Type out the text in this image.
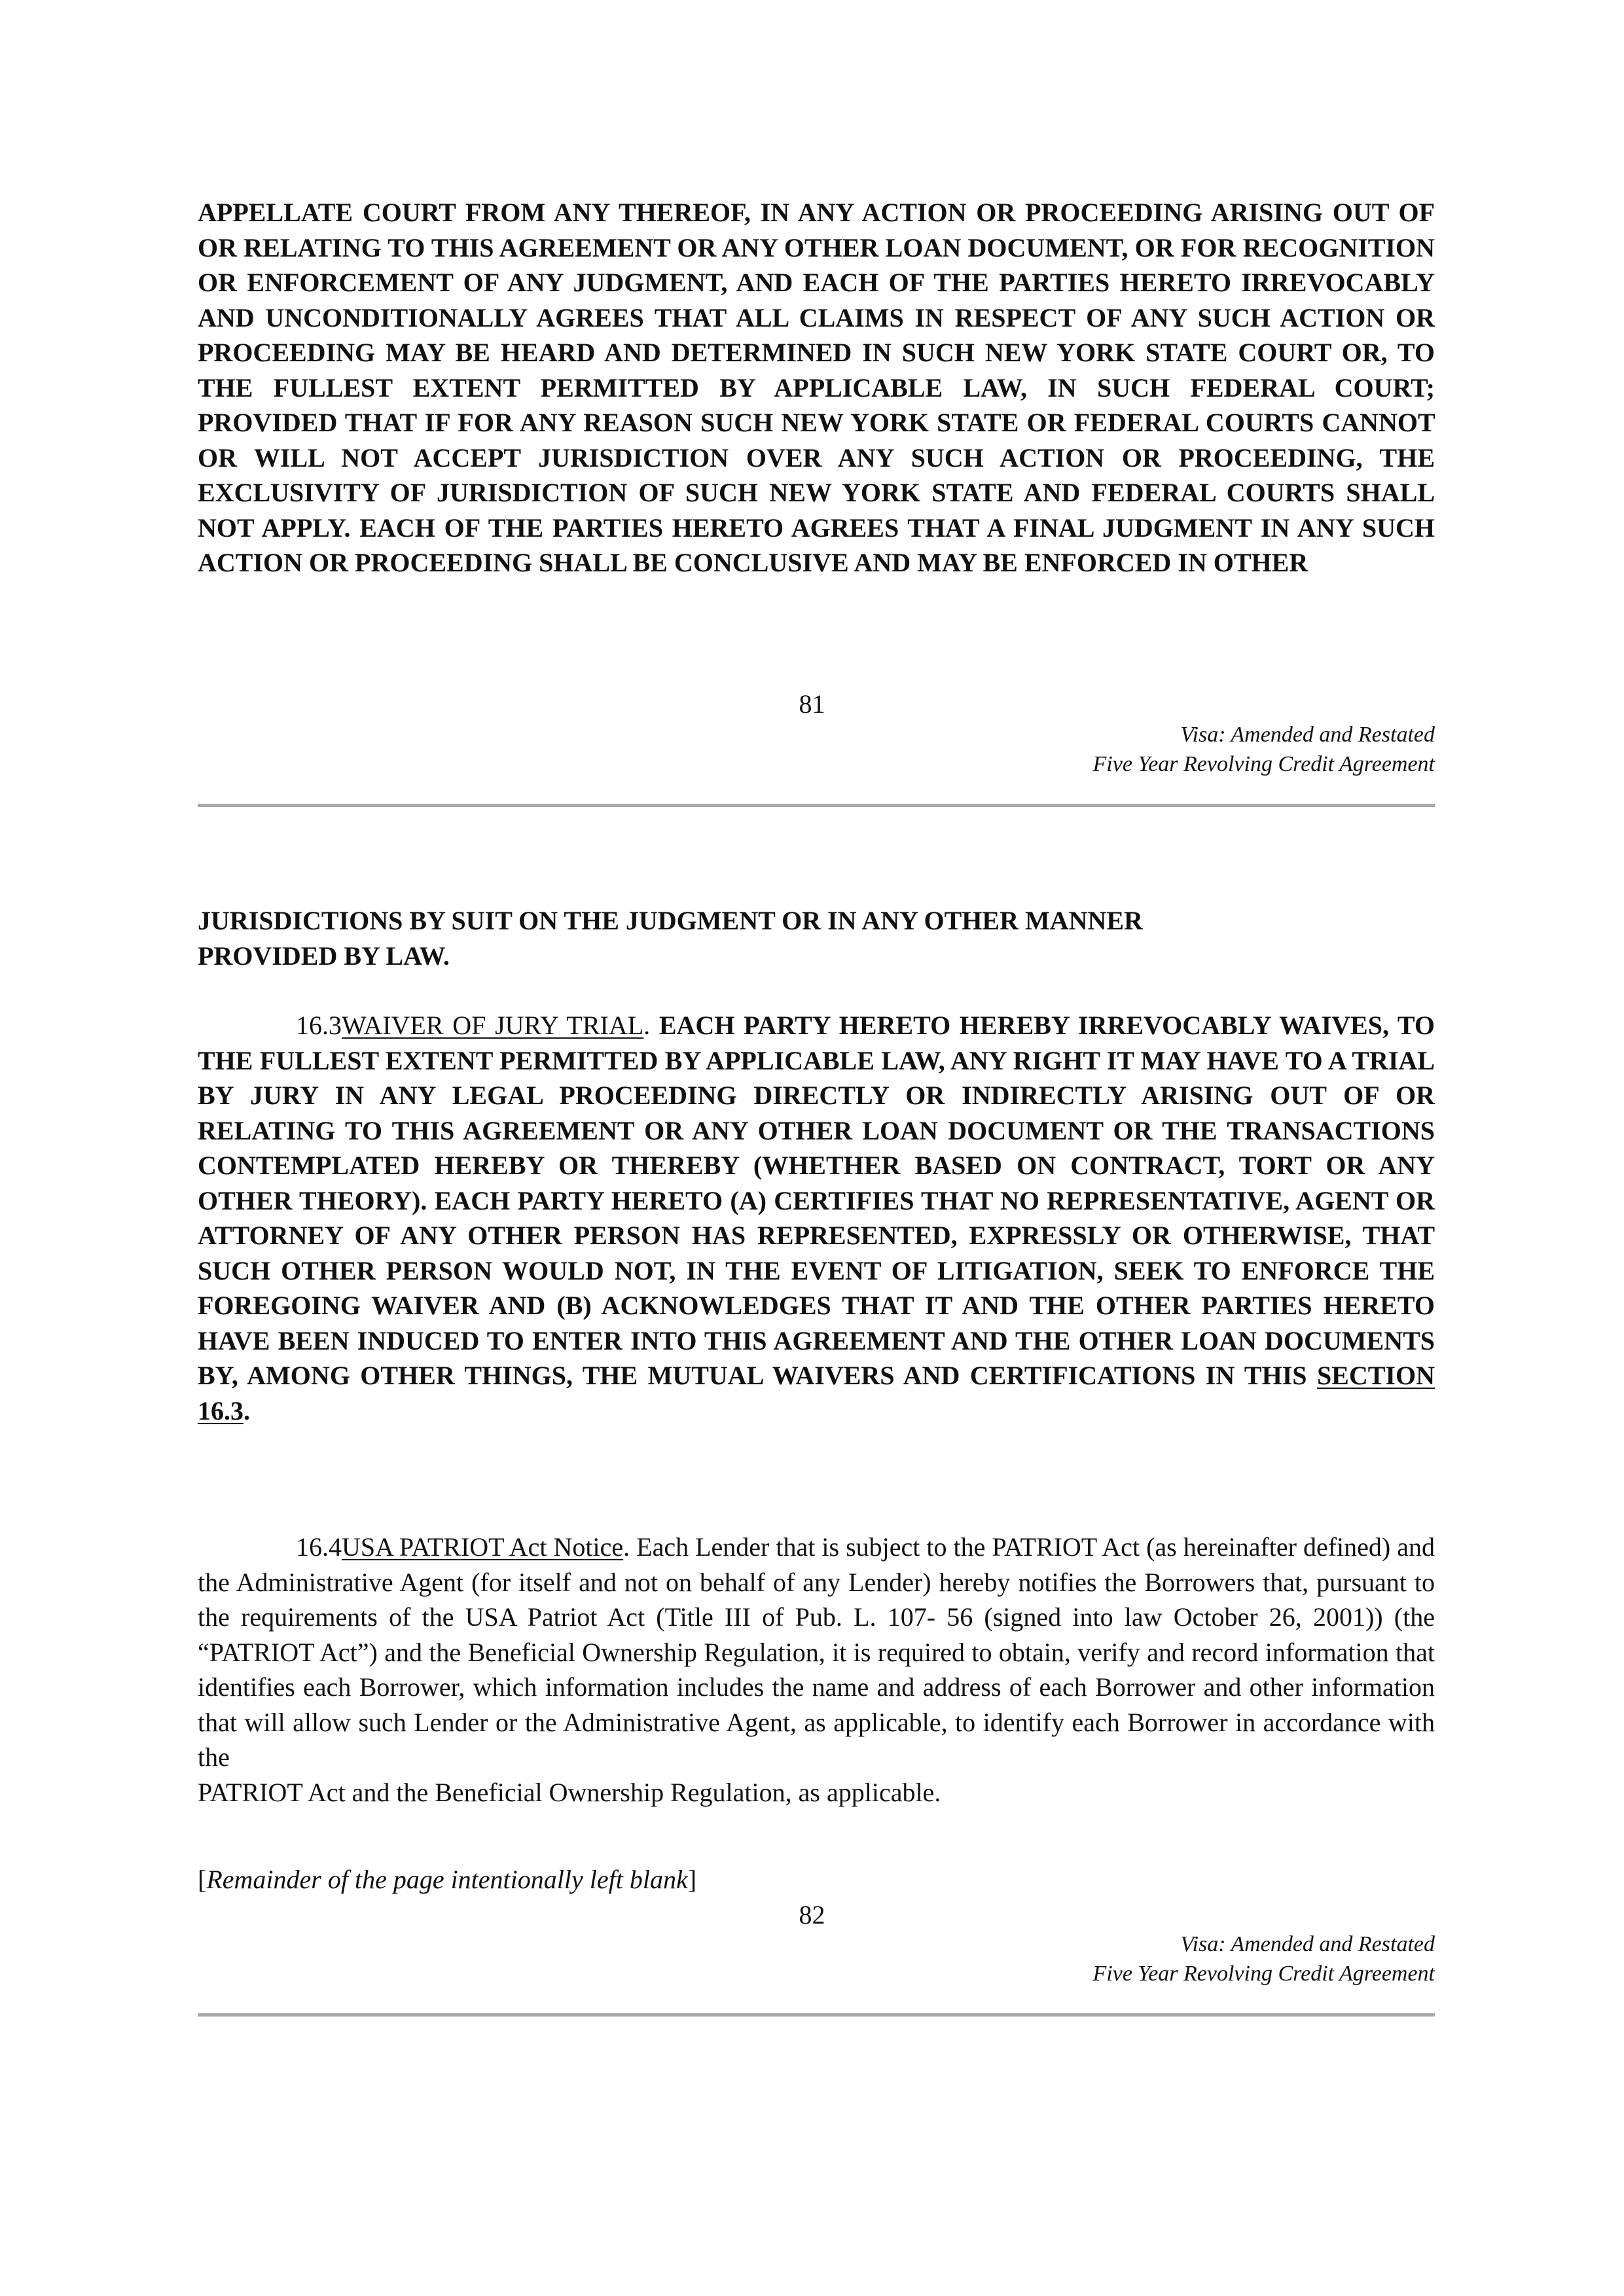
APPELLATE COURT FROM ANY THEREOF, IN ANY ACTION OR PROCEEDING ARISING OUT OF OR RELATING TO THIS AGREEMENT OR ANY OTHER LOAN DOCUMENT, OR FOR RECOGNITION OR ENFORCEMENT OF ANY JUDGMENT, AND EACH OF THE PARTIES HERETO IRREVOCABLY AND UNCONDITIONALLY AGREES THAT ALL CLAIMS IN RESPECT OF ANY SUCH ACTION OR PROCEEDING MAY BE HEARD AND DETERMINED IN SUCH NEW YORK STATE COURT OR, TO THE FULLEST EXTENT PERMITTED BY APPLICABLE LAW, IN SUCH FEDERAL COURT; PROVIDED THAT IF FOR ANY REASON SUCH NEW YORK STATE OR FEDERAL COURTS CANNOT OR WILL NOT ACCEPT JURISDICTION OVER ANY SUCH ACTION OR PROCEEDING, THE EXCLUSIVITY OF JURISDICTION OF SUCH NEW YORK STATE AND FEDERAL COURTS SHALL NOT APPLY. EACH OF THE PARTIES HERETO AGREES THAT A FINAL JUDGMENT IN ANY SUCH ACTION OR PROCEEDING SHALL BE CONCLUSIVE AND MAY BE ENFORCED IN OTHER

81
Visa: Amended and Restated
Five Year Revolving Credit Agreement

JURISDICTIONS BY SUIT ON THE JUDGMENT OR IN ANY OTHER MANNER
PROVIDED BY LAW.

16.3WAIVER OF JURY TRIAL. EACH PARTY HERETO HEREBY IRREVOCABLY WAIVES, TO THE FULLEST EXTENT PERMITTED BY APPLICABLE LAW, ANY RIGHT IT MAY HAVE TO A TRIAL BY JURY IN ANY LEGAL PROCEEDING DIRECTLY OR INDIRECTLY ARISING OUT OF OR RELATING TO THIS AGREEMENT OR ANY OTHER LOAN DOCUMENT OR THE TRANSACTIONS CONTEMPLATED HEREBY OR THEREBY (WHETHER BASED ON CONTRACT, TORT OR ANY OTHER THEORY). EACH PARTY HERETO (A) CERTIFIES THAT NO REPRESENTATIVE, AGENT OR ATTORNEY OF ANY OTHER PERSON HAS REPRESENTED, EXPRESSLY OR OTHERWISE, THAT SUCH OTHER PERSON WOULD NOT, IN THE EVENT OF LITIGATION, SEEK TO ENFORCE THE FOREGOING WAIVER AND (B) ACKNOWLEDGES THAT IT AND THE OTHER PARTIES HERETO HAVE BEEN INDUCED TO ENTER INTO THIS AGREEMENT AND THE OTHER LOAN DOCUMENTS BY, AMONG OTHER THINGS, THE MUTUAL WAIVERS AND CERTIFICATIONS IN THIS SECTION 16.3.

16.4USA PATRIOT Act Notice. Each Lender that is subject to the PATRIOT Act (as hereinafter defined) and the Administrative Agent (for itself and not on behalf of any Lender) hereby notifies the Borrowers that, pursuant to the requirements of the USA Patriot Act (Title III of Pub. L. 107- 56 (signed into law October 26, 2001)) (the “PATRIOT Act”) and the Beneficial Ownership Regulation, it is required to obtain, verify and record information that identifies each Borrower, which information includes the name and address of each Borrower and other information that will allow such Lender or the Administrative Agent, as applicable, to identify each Borrower in accordance with the

PATRIOT Act and the Beneficial Ownership Regulation, as applicable.

[Remainder of the page intentionally left blank]

82
Visa: Amended and Restated
Five Year Revolving Credit Agreement
